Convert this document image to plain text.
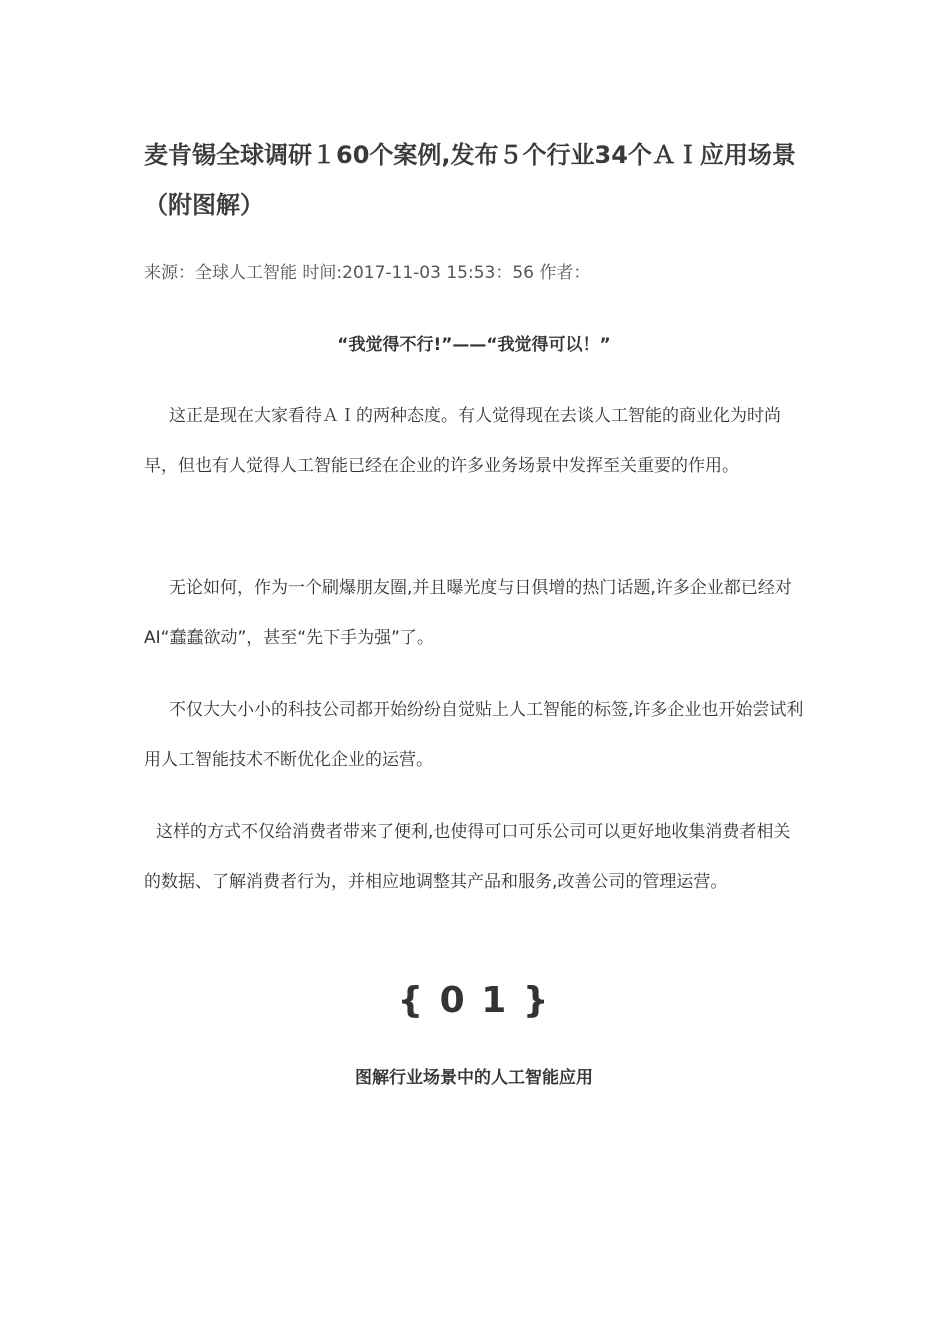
麦肯锡全球调研１60个案例,发布５个行业34个ＡＩ应用场景（附图解）

来源：全球人工智能 时间:2017-11-03 15:53：56 作者：

“我觉得不行!”——“我觉得可以！”

这正是现在大家看待ＡＩ的两种态度。有人觉得现在去谈人工智能的商业化为时尚早，但也有人觉得人工智能已经在企业的许多业务场景中发挥至关重要的作用。

无论如何，作为一个刷爆朋友圈,并且曝光度与日俱增的热门话题,许多企业都已经对AI“蠢蠢欲动”，甚至“先下手为强”了。

不仅大大小小的科技公司都开始纷纷自觉贴上人工智能的标签,许多企业也开始尝试利用人工智能技术不断优化企业的运营。

这样的方式不仅给消费者带来了便利,也使得可口可乐公司可以更好地收集消费者相关的数据、了解消费者行为，并相应地调整其产品和服务,改善公司的管理运营。

{ 0 1 }

图解行业场景中的人工智能应用
